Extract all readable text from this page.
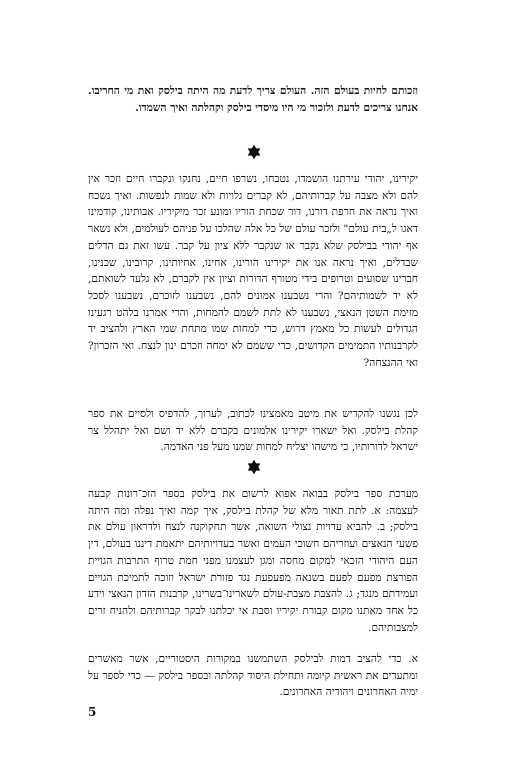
וזכותם לחיות בעולם הזה. העולם צריך לדעת מה היתה בילסק ואת מי החריבו. אנחנו צריכים לדעת ולזכור מי היו מיסדי בילסק וקהלתה ואיך השמדו.

יקירינו, יהודי עירתנו הושמדו, נטבחו, נשרפו חיים, נחנקו ונקברו חיים וזכר אין להם ולא מצבה על קברותיהם, לא קברים גלויות ולא שמות לנפשות. ואיך נשכח ואיך נראה את חרפת דורנו, דור שכחת הוריו ומונע זכר מיקיריו. אבותינו, קודמינו דאגו ל„בית עולם" ולזכר עולם של כל אלה שהלכו על פניהם לעולמים, ולא נשאר אף יהודי בבילסק שלא נקבר או שנקבר ללא ציון על קבר. עשו זאת גם הדלים שבדלים, ואיך נראה אנו את יקירינו הורינו, אחינו, אחיותינו, קרובינו, שכנינו, חברינו שסועים וטרופים בידי מטורף הדורות וציון אין לקברם, לא גלעד לשואתם, לא יד לשמותיהם? והרי נשבענו אמונים להם, נשבענו לזוכרם, נשבענו לסכל מזימת השטן הנאצי, נשבענו לא לתת לשמם להמחות, והרי אמרנו בלהט רגעינו הגדולים לעשות כל מאמץ דרוש, כדי למחות שמו מתחת שמי הארץ ולהציב יד לקרבנותיו התמימים הקדושים, כדי ששמם לא ימחה וזכרם ינון לנצח. ואי הזכרון? ואי ההנצחה?

לכן נגשנו להקדיש את מיטב מאמצינו לכתוב, לערוך, להדפיס ולסיים את ספר קהלת בילסק. ואל ישארו יקירינו אלמונים בקברם ללא יד ושם ואל יתהלל צר ישראל לדורותיו, כי מישהו יצליח למחות שמנו מעל פני האדמה.

מערכת ספר בילסק בבואה אפוא לרשום את בילסק בספר הזכ־רונות קבעה לעצמה: א. לתת תאור מלא של קהלת בילסק, איך קמה ואיך נפלה ומה היתה בילסק; ב. להביא עדויות נצולי השואה, אשר תחקוקנה לנצח ולדראון עולם את פשעי הנאצים ועוזריהם חשוכי העמים ואשר בעדויותיהם יתאמת דיננו בעולם, דין העם היהודי הזכאי למקום מחסה ומגן לעצמנו מפני חמת טרוף התרבות הגויית הפורצת מפעם לפעם בשנאה מפעפעת נגד פזורת ישראל וזוכה לתמיכת הגויים ועמידתם מנגד; ג. להצבת מצבת-עולם לשארינו־בשרינו, קרבנות הזדון הנאצי וידע כל אחד מאתנו מקום קבורת יקיריו וסבת אי יכלתנו לבקר קברותיהם ולהניח זרים למצבותיהם.

א. כדי להציב דמות לבילסק השתמשנו במקורות היסטוריים, אשר מאשרים ומתעדים את ראשית קיומה ותחילת היסוד קהלתה ובספר בילסק — כדי לספר על ימיה האחרונים ויהודיה האחרונים.

5
